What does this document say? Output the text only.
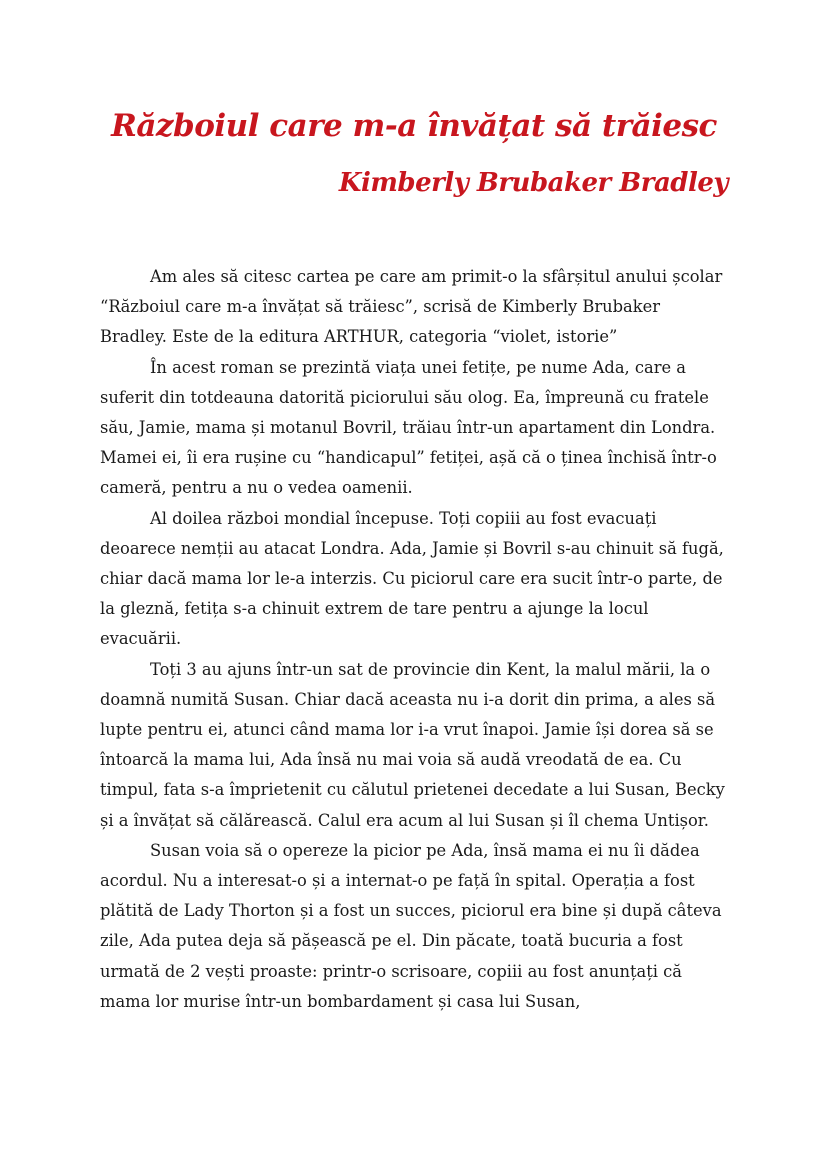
Războiul care m-a învățat să trăiesc
Kimberly Brubaker Bradley

Am ales să citesc cartea pe care am primit-o la sfârșitul anului școlar “Războiul care m-a învățat să trăiesc”, scrisă de Kimberly Brubaker Bradley. Este de la editura ARTHUR, categoria “violet, istorie”

În acest roman se prezintă viața unei fetițe, pe nume Ada, care a suferit din totdeauna datorită piciorului său olog. Ea, împreună cu fratele său, Jamie, mama și motanul Bovril, trăiau într-un apartament din Londra. Mamei ei, îi era rușine cu “handicapul” fetiței, așă că o ținea închisă într-o cameră, pentru a nu o vedea oamenii.

Al doilea război mondial începuse. Toți copiii au fost evacuați deoarece nemții au atacat Londra. Ada, Jamie și Bovril s-au chinuit să fugă, chiar dacă mama lor le-a interzis. Cu piciorul care era sucit într-o parte, de la gleznă, fetița s-a chinuit extrem de tare pentru a ajunge la locul evacuării.

Toți 3 au ajuns într-un sat de provincie din Kent, la malul mării, la o doamnă numită Susan. Chiar dacă aceasta nu i-a dorit din prima, a ales să lupte pentru ei, atunci când mama lor i-a vrut înapoi. Jamie își dorea să se întoarcă la mama lui, Ada însă nu mai voia să audă vreodată de ea. Cu timpul, fata s-a împrietenit cu călutul prietenei decedate a lui Susan, Becky și a învățat să călărească. Calul era acum al lui Susan și îl chema Untișor.

Susan voia să o opereze la picior pe Ada, însă mama ei nu îi dădea acordul. Nu a interesat-o și a internat-o pe față în spital. Operația a fost plătită de Lady Thorton și a fost un succes, piciorul era bine și după câteva zile, Ada putea deja să pășească pe el. Din păcate, toată bucuria a fost urmată de 2 vești proaste: printr-o scrisoare, copiii au fost anunțați că mama lor murise într-un bombardament și casa lui Susan,
